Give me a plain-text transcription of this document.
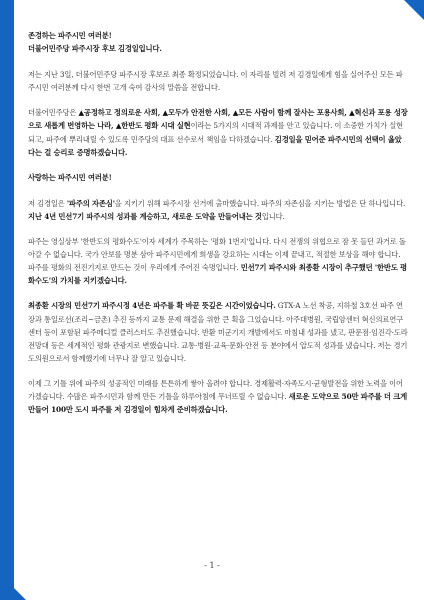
존경하는 파주시민 여러분!
더불어민주당 파주시장 후보 김경일입니다.

저는 지난 3일, 더불어민주당 파주시장 후보로 최종 확정되었습니다. 이 자리를 빌려 저 김경일에게 힘을 실어주신 모든 파주시민 여러분께 다시 한번 고개 숙여 감사의 말씀을 전합니다.

더불어민주당은 ▲공정하고 정의로운 사회, ▲모두가 안전한 사회, ▲모든 사람이 함께 잘사는 포용사회, ▲혁신과 포용 성장으로 새롭게 번영하는 나라, ▲한반도 평화 시대 실현이라는 5가지의 시대적 과제를 안고 있습니다. 이 소중한 가치가 실현되고, 파주에 뿌리내릴 수 있도록 민주당의 대표 선수로서 책임을 다하겠습니다. 김경일을 믿어준 파주시민의 선택이 옳았다는 걸 승리로 증명하겠습니다.

사랑하는 파주시민 여러분!

저 김경일은 '파주의 자존심'을 지키기 위해 파주시장 선거에 출마했습니다. 파주의 자존심을 지키는 방법은 단 하나입니다. 지난 4년 민선7기 파주시의 성과를 계승하고, 새로운 도약을 만들어내는 것입니다.

파주는 영실상부 '한반도의 평화수도'이자 세계가 주목하는 '평화 1번지'입니다. 다시 전쟁의 위협으로 잠 못 들던 과거로 돌아갈 수 없습니다. 국가 안보를 명분 삼아 파주시민에게 희생을 강요하는 시대는 이제 끝내고, 적절한 보상을 해야 합니다. 파주를 평화의 전진기지로 만드는 것이 우리에게 주어진 숙명입니다. 민선7기 파주시와 최종환 시장이 추구했던 '한반도 평화수도'의 가치를 지키겠습니다.

최종환 시장의 민선7기 파주시정 4년은 파주를 확 바꾼 뜻깊은 시간이었습니다. GTX-A 노선 착공, 지하철 3호선 파주 연장과 통일로선(조리~금촌) 추진 등까지 교통 문제 해결을 위한 큰 획을 그었습니다. 아주대병원, 국립암센터 혁신의료연구센터 등이 포함된 파주메디컬 클러스터도 추진했습니다. 반환 미군기지 개발에서도 마침내 성과를 냈고, 판문점·임진각·도라전망대 등은 세계적인 평화 관광지로 변했습니다. 교통·병원·교육·문화·안전 등 분야에서 압도적 성과를 냈습니다. 저는 경기도의원으로서 함께했기에 너무나 잘 알고 있습니다.

이제 그 기틀 위에 파주의 성공적인 미래를 튼튼하게 쌓아 올려야 합니다. 경제활력·자족도시·균형발전을 위한 노력을 이어가겠습니다. 수많은 파주시민과 함께 만든 기틀을 하루아침에 무너뜨릴 수 없습니다. 새로운 도약으로 50만 파주를 더 크게 만들어 100만 도시 파주를 저 김경일이 힘차게 준비하겠습니다.

- 1 -
